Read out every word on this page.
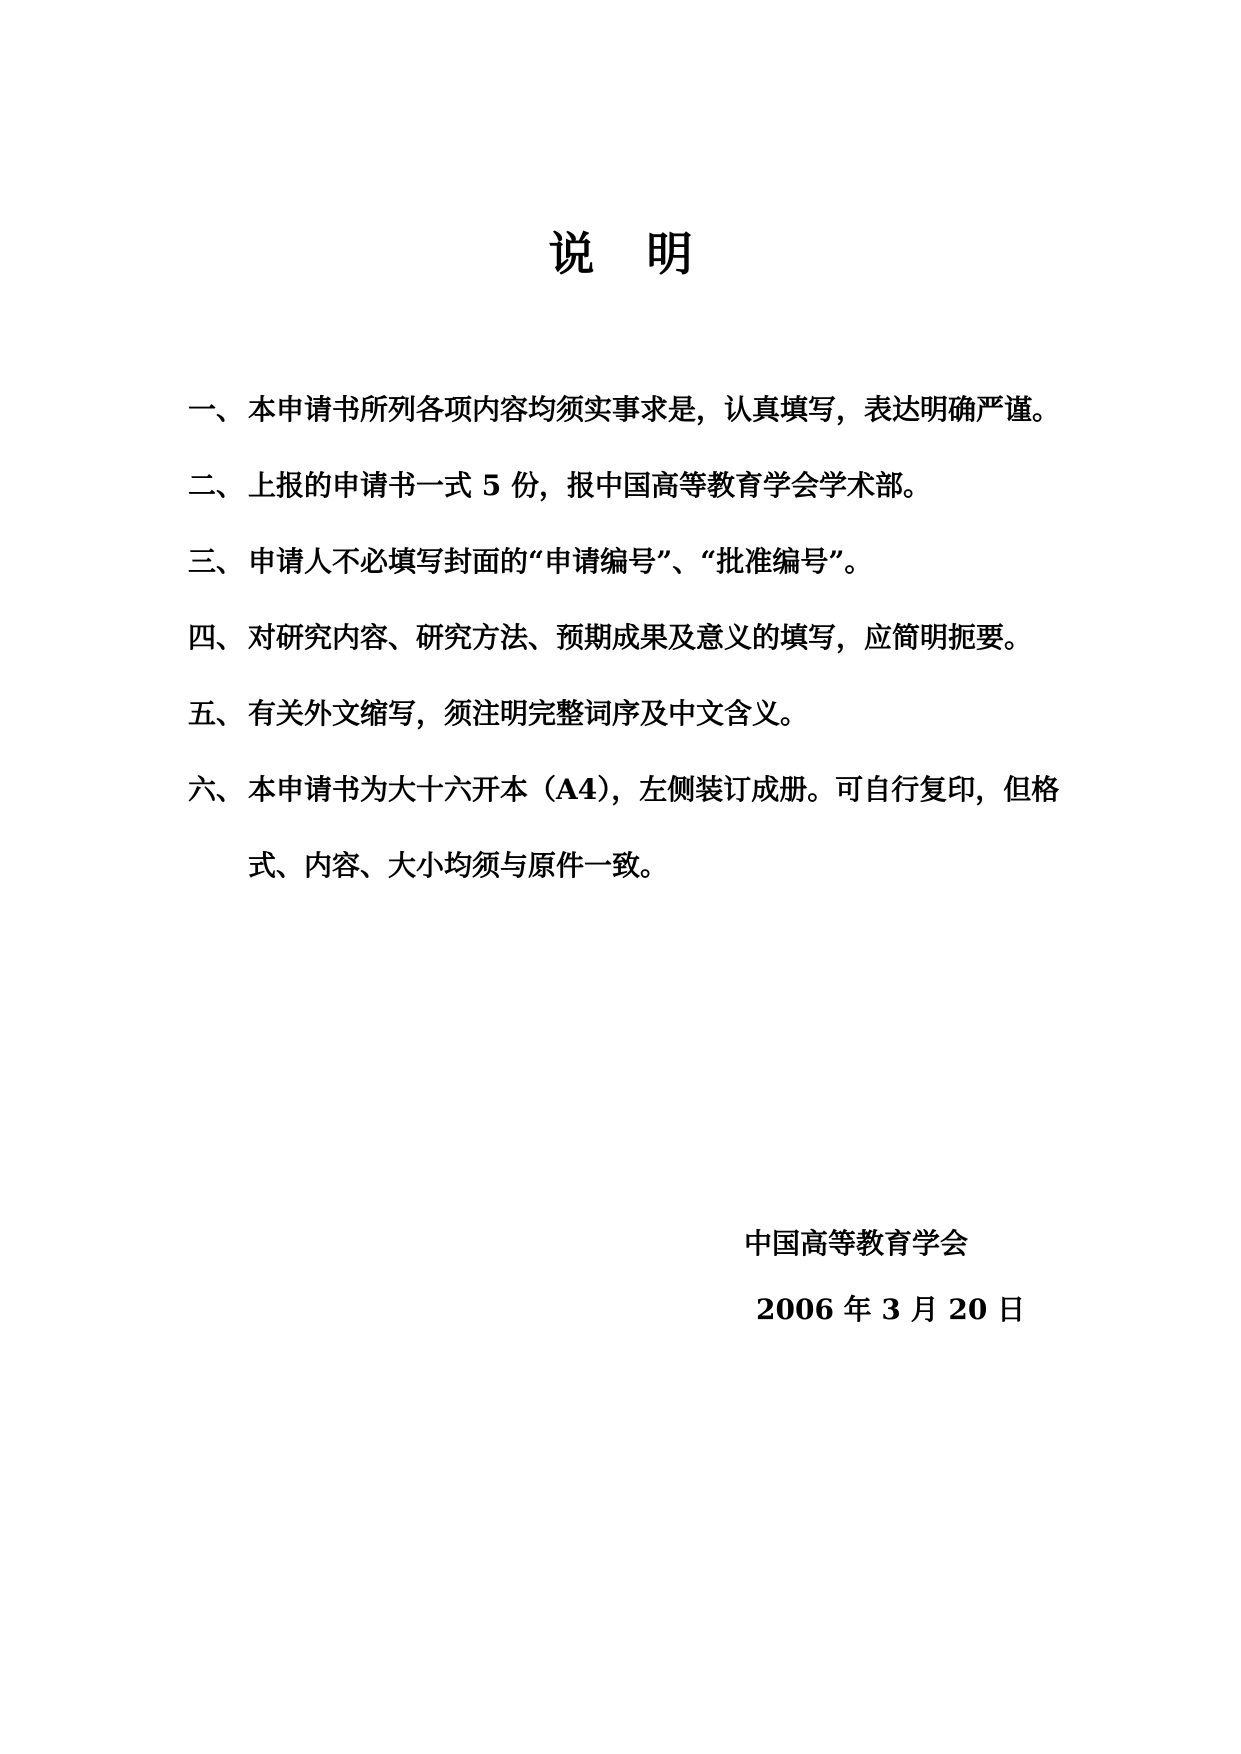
说 明
一、 本申请书所列各项内容均须实事求是，认真填写，表达明确严谨。
二、 上报的申请书一式 5 份，报中国高等教育学会学术部。
三、 申请人不必填写封面的“申请编号”、“批准编号”。
四、 对研究内容、研究方法、预期成果及意义的填写，应简明扼要。
五、 有关外文缩写，须注明完整词序及中文含义。
六、 本申请书为大十六开本（A4），左侧装订成册。可自行复印，但格式、内容、大小均须与原件一致。
中国高等教育学会
2006 年 3 月 20 日
